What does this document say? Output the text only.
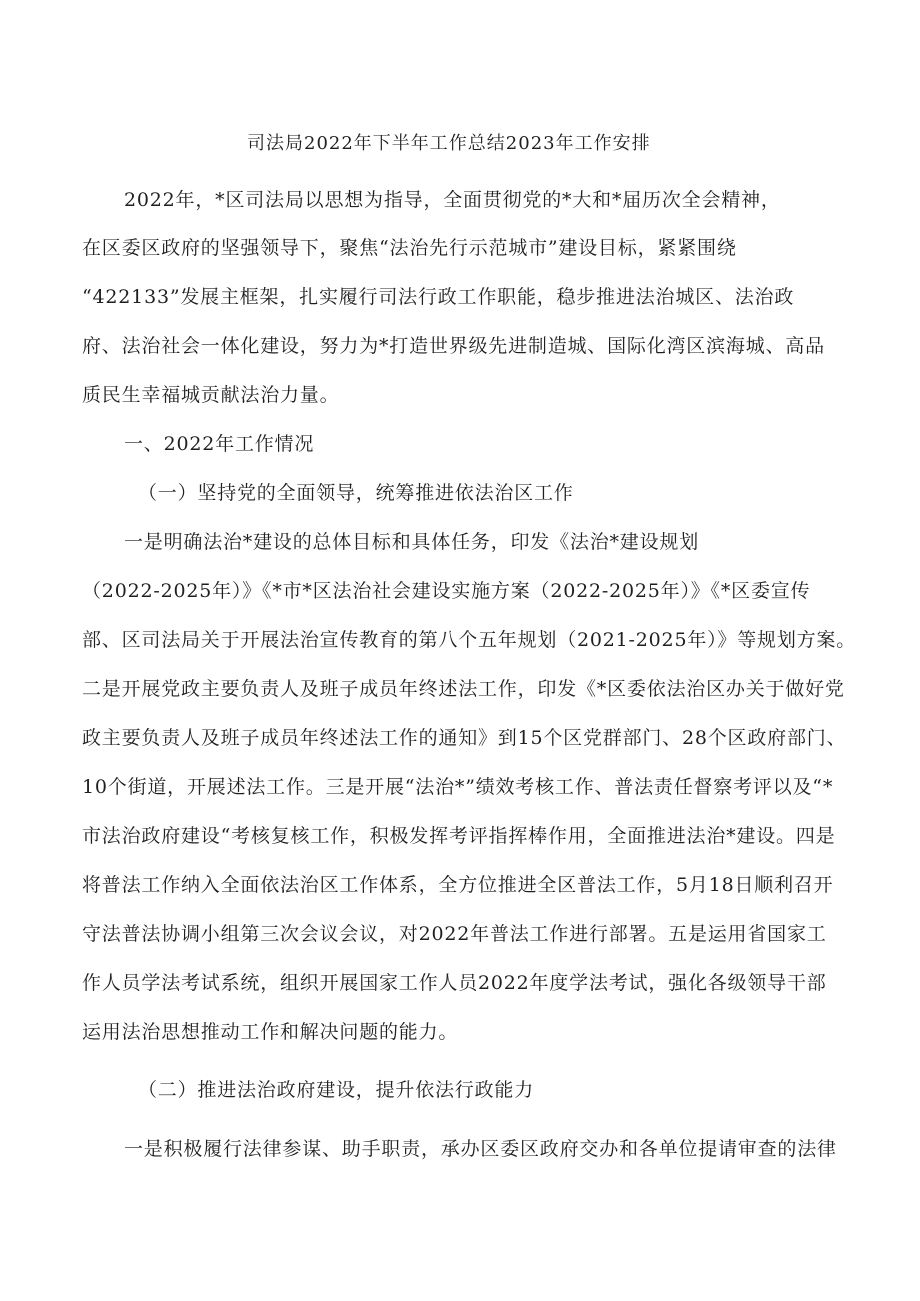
司法局2022年下半年工作总结2023年工作安排
2022年，*区司法局以思想为指导，全面贯彻党的*大和*届历次全会精神，
在区委区政府的坚强领导下，聚焦“法治先行示范城市”建设目标，紧紧围绕
“422133”发展主框架，扎实履行司法行政工作职能，稳步推进法治城区、法治政
府、法治社会一体化建设，努力为*打造世界级先进制造城、国际化湾区滨海城、高品
质民生幸福城贡献法治力量。
一、2022年工作情况
（一）坚持党的全面领导，统筹推进依法治区工作
一是明确法治*建设的总体目标和具体任务，印发《法治*建设规划
（2022-2025年）》《*市*区法治社会建设实施方案（2022-2025年）》《*区委宣传
部、区司法局关于开展法治宣传教育的第八个五年规划（2021-2025年）》等规划方案。
二是开展党政主要负责人及班子成员年终述法工作，印发《*区委依法治区办关于做好党
政主要负责人及班子成员年终述法工作的通知》到15个区党群部门、28个区政府部门、
10个街道，开展述法工作。三是开展“法治*”绩效考核工作、普法责任督察考评以及“*
市法治政府建设“考核复核工作，积极发挥考评指挥棒作用，全面推进法治*建设。四是
将普法工作纳入全面依法治区工作体系，全方位推进全区普法工作，5月18日顺利召开
守法普法协调小组第三次会议会议，对2022年普法工作进行部署。五是运用省国家工
作人员学法考试系统，组织开展国家工作人员2022年度学法考试，强化各级领导干部
运用法治思想推动工作和解决问题的能力。
（二）推进法治政府建设，提升依法行政能力
一是积极履行法律参谋、助手职责，承办区委区政府交办和各单位提请审查的法律
